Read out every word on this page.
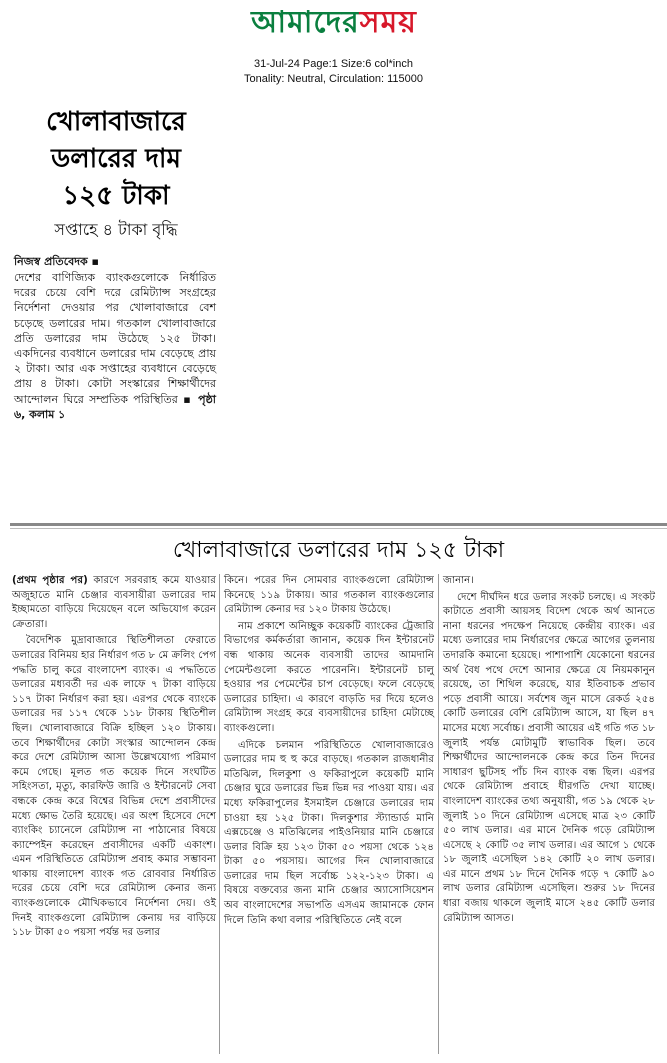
আমাদেরসময়
31-Jul-24 Page:1 Size:6 col*inch
Tonality: Neutral, Circulation: 115000
খোলাবাজারে
ডলারের দাম
১২৫ টাকা
সপ্তাহে ৪ টাকা বৃদ্ধি
নিজস্ব প্রতিবেদক ▪
দেশের বাণিজ্যিক ব্যাংকগুলোকে নির্ধারিত দরের চেয়ে বেশি দরে রেমিট্যান্স সংগ্রহের নির্দেশনা দেওয়ার পর খোলাবাজারে বেশ চড়েছে ডলারের দাম। গতকাল খোলাবাজারে প্রতি ডলারের দাম উঠেছে ১২৫ টাকা। একদিনের ব্যবধানে ডলারের দাম বেড়েছে প্রায় ২ টাকা। আর এক সপ্তাহের ব্যবধানে বেড়েছে প্রায় ৪ টাকা। কোটা সংস্কারের শিক্ষার্থীদের আন্দোলন ঘিরে সম্প্রতিক পরিস্থিতির ▪ পৃষ্ঠা ৬, কলাম ১
খোলাবাজারে ডলারের দাম ১২৫ টাকা

(প্রথম পৃষ্ঠার পর) কারণে সরবরাহ কমে যাওয়ার অজুহাতে মানি চেঞ্জার ব্যবসায়ীরা ডলারের দাম ইচ্ছামতো বাড়িয়ে দিয়েছেন বলে অভিযোগ করেন ক্রেতারা।

বৈদেশিক মুদ্রাবাজারে স্থিতিশীলতা ফেরাতে ডলারের বিনিময় হার নির্ধারণ গত ৮ মে ক্রলিং পেগ পদ্ধতি চালু করে বাংলাদেশ ব্যাংক। এ পদ্ধতিতে ডলারের মধ্যবর্তী দর এক লাফে ৭ টাকা বাড়িয়ে ১১৭ টাকা নির্ধারণ করা হয়। এরপর থেকে ব্যাংকে ডলারের দর ১১৭ থেকে ১১৮ টাকায় স্থিতিশীল ছিল। খোলাবাজারে বিক্রি হচ্ছিল ১২০ টাকায়। তবে শিক্ষার্থীদের কোটা সংস্কার আন্দোলন কেন্দ্র করে দেশে রেমিট্যান্স আসা উল্লেখযোগ্য পরিমাণ কমে গেছে। মূলত গত কয়েক দিনে সংঘটিত সহিংসতা, মৃত্যু, কারফিউ জারি ও ইন্টারনেট সেবা বন্ধকে কেন্দ্র করে বিশ্বের বিভিন্ন দেশে প্রবাসীদের মধ্যে ক্ষোভ তৈরি হয়েছে। এর অংশ হিসেবে দেশে ব্যাংকিং চ্যানেলে রেমিট্যান্স না পাঠানোর বিষয়ে ক্যাম্পেইন করেছেন প্রবাসীদের একটি একাংশ। এমন পরিস্থিতিতে রেমিট্যান্স প্রবাহ কমার সম্ভাবনা থাকায় বাংলাদেশ ব্যাংক গত রোববার নির্ধারিত দরের চেয়ে বেশি দরে রেমিট্যান্স কেনার জন্য ব্যাংকগুলোকে মৌখিকভাবে নির্দেশনা দেয়। ওই দিনই ব্যাংকগুলো রেমিট্যান্স কেনায় দর বাড়িয়ে ১১৮ টাকা ৫০ পয়সা পর্যন্ত দর ডলার

কিনে। পরের দিন সোমবার ব্যাংকগুলো রেমিট্যান্স কিনেছে ১১৯ টাকায়। আর গতকাল ব্যাংকগুলোর রেমিট্যান্স কেনার দর ১২০ টাকায় উঠেছে।

নাম প্রকাশে অনিচ্ছুক কয়েকটি ব্যাংকের ট্রেজারি বিভাগের কর্মকর্তারা জানান, কয়েক দিন ইন্টারনেট বন্ধ থাকায় অনেক ব্যবসায়ী তাদের আমদানি পেমেন্টগুলো করতে পারেননি। ইন্টারনেট চালু হওয়ার পর পেমেন্টের চাপ বেড়েছে। ফলে বেড়েছে ডলারের চাহিদা। এ কারণে বাড়তি দর দিয়ে হলেও রেমিট্যান্স সংগ্রহ করে ব্যবসায়ীদের চাহিদা মেটাচ্ছে ব্যাংকগুলো।

এদিকে চলমান পরিস্থিতিতে খোলাবাজারেও ডলারের দাম হু হু করে বাড়ছে। গতকাল রাজধানীর মতিঝিল, দিলকুশা ও ফকিরাপুলে কয়েকটি মানি চেঞ্জার ঘুরে ডলারের ভিন্ন ভিন্ন দর পাওয়া যায়। এর মধ্যে ফকিরাপুলের ইসমাইল চেঞ্জারে ডলারের দাম চাওয়া হয় ১২৫ টাকা। দিলকুশার স্ট্যান্ডার্ড মানি এক্সচেঞ্জে ও মতিঝিলের পাইওনিয়ার মানি চেঞ্জারে ডলার বিক্রি হয় ১২৩ টাকা ৫০ পয়সা থেকে ১২৪ টাকা ৫০ পয়সায়। আগের দিন খোলাবাজারে ডলারের দাম ছিল সর্বোচ্চ ১২২-১২৩ টাকা। এ বিষয়ে বক্তব্যের জন্য মানি চেঞ্জার অ্যাসোসিয়েশন অব বাংলাদেশের সভাপতি এসএম জামানকে ফোন দিলে তিনি কথা বলার পরিস্থিতিতে নেই বলে

জানান।

দেশে দীর্ঘদিন ধরে ডলার সংকট চলছে। এ সংকট কাটাতে প্রবাসী আয়সহ বিদেশ থেকে অর্থ আনতে নানা ধরনের পদক্ষেপ নিয়েছে কেন্দ্রীয় ব্যাংক। এর মধ্যে ডলারের দাম নির্ধারণের ক্ষেত্রে আগের তুলনায় তদারকি কমানো হয়েছে। পাশাপাশি যেকোনো ধরনের অর্থ বৈধ পথে দেশে আনার ক্ষেত্রে যে নিয়মকানুন রয়েছে, তা শিথিল করেছে, যার ইতিবাচক প্রভাব পড়ে প্রবাসী আয়ে। সর্বশেষ জুন মাসে রেকর্ড ২৫৪ কোটি ডলারের বেশি রেমিট্যান্স আসে, যা ছিল ৪৭ মাসের মধ্যে সর্বোচ্চ। প্রবাসী আয়ের এই গতি গত ১৮ জুলাই পর্যন্ত মোটামুটি স্বাভাবিক ছিল। তবে শিক্ষার্থীদের আন্দোলনকে কেন্দ্র করে তিন দিনের সাধারণ ছুটিসহ পাঁচ দিন ব্যাংক বন্ধ ছিল। এরপর থেকে রেমিট্যান্স প্রবাহে ধীরগতি দেখা যাচ্ছে। বাংলাদেশ ব্যাংকের তথ্য অনুযায়ী, গত ১৯ থেকে ২৮ জুলাই ১০ দিনে রেমিট্যান্স এসেছে মাত্র ২৩ কোটি ৫০ লাখ ডলার। এর মানে দৈনিক গড়ে রেমিট্যান্স এসেছে ২ কোটি ৩৫ লাখ ডলার। এর আগে ১ থেকে ১৮ জুলাই এসেছিল ১৪২ কোটি ২০ লাখ ডলার। এর মানে প্রথম ১৮ দিনে দৈনিক গড়ে ৭ কোটি ৯০ লাখ ডলার রেমিট্যান্স এসেছিল। শুরুর ১৮ দিনের ধারা বজায় থাকলে জুলাই মাসে ২৪৫ কোটি ডলার রেমিট্যান্স আসত।
